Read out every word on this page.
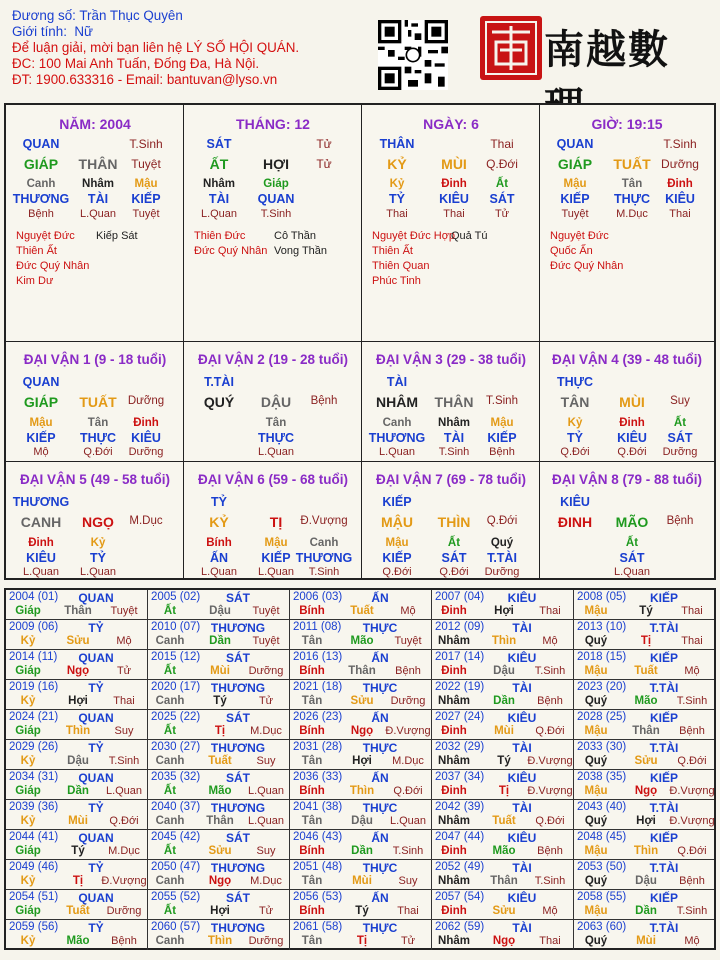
Đương số: Trần Thục Quyên
Giới tính: Nữ
Để luận giải, mời bạn liên hệ LÝ SỐ HỘI QUÁN.
ĐC: 100 Mai Anh Tuấn, Đống Đa, Hà Nội.
ĐT: 1900.633316 - Email: bantuvan@lyso.vn
南越數
NĂM: 2004
QUAN	T.Sinh
GIÁP THÂN Tuyệt
Canh Nhâm Mậu
THƯƠNG TÀI KIẾP
Bệnh L.Quan Tuyệt
Nguyệt Đức Kiếp Sát
Thiên Ất
Đức Quý Nhân
Kim Dư
THÁNG: 12
SÁT	Tử
ẤT HỢI Tử
Nhâm Giáp
TÀI QUAN
L.Quan T.Sinh
Thiên Đức	Cô Thần
Đức Quý Nhân Vong Thần
NGÀY: 6
THÂN	Thai
KỶ MÙI Q.Đới
Kỷ	Đinh	Ất
TỶ	KIÊU SÁT
Thai	Thai	Tử
Nguyệt Đức Hợp
Quả Tú
Thiên Ất
Thiên Quan
Phúc Tinh
GIỜ: 19:15
QUAN	T.Sinh
GIÁP TUẤT Dưỡng
Mậu	Tân Đinh
KIẾP THỰC KIÊU
Tuyệt	M.Dục Thai
Nguyệt Đức
Quốc Ấn
Đức Quý Nhân
ĐẠI VẬN 1 (9 - 18 tuổi)
QUAN
GIÁP TUẤT Dưỡng
Mậu	Tân Đinh
KIẾP THỰC KIÊU
Mộ	Q.Đới Dưỡng
ĐẠI VẬN 2 (19 - 28 tuổi)
T.TÀI
QUÝ DẬU Bệnh
Tân
THỰC
L.Quan
ĐẠI VẬN 3 (29 - 38 tuổi)
TÀI
NHÂM THÂN T.Sinh
Canh Nhâm Mậu
THƯƠNG TÀI KIẾP
L.Quan T.Sinh Bệnh
ĐẠI VẬN 4 (39 - 48 tuổi)
THỰC
TÂN MÙI Suy
Kỷ	Đinh	Ất
TỶ	KIÊU SÁT
Q.Đới	Q.Đới Dưỡng
ĐẠI VẬN 5 (49 - 58 tuổi)
THƯƠNG
CANH NGỌ M.Dục
Đinh	Kỷ
KIÊU	TỶ
L.Quan L.Quan
ĐẠI VẬN 6 (59 - 68 tuổi)
TỶ
KỶ	TỊ Đ.Vượng
Bính	Mậu Canh
ẤN	KIẾP THƯƠNG
L.Quan L.Quan T.Sinh
ĐẠI VẬN 7 (69 - 78 tuổi)
KIẾP
MẬU THÌN Q.Đới
Mậu	Ất	Quý
KIẾP SÁT T.TÀI
Q.Đới	Q.Đới Dưỡng
ĐẠI VẬN 8 (79 - 88 tuổi)
KIÊU
ĐINH MÃO Bệnh
Ất
SÁT
L.Quan
2004 (01) QUAN
Giáp Thân Tuyệt
2005 (02) SÁT
Ất	Dậu Tuyệt
2006 (03) ẤN
Bính Tuất Mộ
2007 (04) KIÊU
Đinh Hợi Thai
2008 (05) KIẾP
Mậu	Tý	Thai
2009 (06)	TỶ
Kỷ	Sửu Mộ
2010 (07) THƯƠNG
Canh Dần Tuyệt
2011 (08) THỰC
Tân Mão Tuyệt
2012 (09) TÀI
Nhâm Thìn Mộ
2013 (10) T.TÀI
Quý	Tị	Thai
2014 (11) QUAN
Giáp Ngọ	Tử
2015 (12) SÁT
Ất	Mùi Dưỡng
2016 (13) ẤN
Bính Thân Bệnh
2017 (14) KIÊU
Đinh Dậu T.Sinh
2018 (15) KIẾP
Mậu Tuất Mộ
2019 (16)	TỶ
Kỷ	Hợi Thai
2020 (17) THƯƠNG
Canh	Tý	Tử
2021 (18) THỰC
Tân Sửu Dưỡng
2022 (19) TÀI
Nhâm Dần Bệnh
2023 (20) T.TÀI
Quý Mão T.Sinh
2024 (21) QUAN
Giáp Thìn Suy
2025 (22) SÁT
Ất	Tị M.Dục
2026 (23) ẤN
Bính Ngọ Đ.Vượng
2027 (24) KIÊU
Đinh Mùi Q.Đới
2028 (25) KIẾP
Mậu Thân Bệnh
2029 (26)	TỶ
Kỷ	Dậu T.Sinh
2030 (27) THƯƠNG
Canh Tuất Suy
2031 (28) THỰC
Tân	Hợi M.Dục
2032 (29) TÀI
Nhâm Tý Đ.Vượng
2033 (30) T.TÀI
Quý Sửu Q.Đới
2034 (31) QUAN
Giáp Dần L.Quan
2035 (32) SÁT
Ất	Mão L.Quan
2036 (33) ẤN
Bính Thìn Q.Đới
2037 (34) KIÊU
Đinh	Tị Đ.Vượng
2038 (35) KIẾP
Mậu Ngọ Đ.Vượng
2039 (36)	TỶ
Kỷ	Mùi Q.Đới
2040 (37) THƯƠNG
Canh Thân L.Quan
2041 (38) THỰC
Tân	Dậu L.Quan
2042 (39) TÀI
Nhâm Tuất Q.Đới
2043 (40) T.TÀI
Quý	Hợi Đ.Vượng
2044 (41) QUAN
Giáp	Tý M.Dục
2045 (42) SÁT
Ất	Sửu Suy
2046 (43) ẤN
Bính Dần T.Sinh
2047 (44) KIÊU
Đinh Mão Bệnh
2048 (45) KIẾP
Mậu Thìn Q.Đới
2049 (46)	TỶ
Kỷ	Tị Đ.Vượng
2050 (47) THƯƠNG
Canh Ngọ M.Dục
2051 (48) THỰC
Tân	Mùi Suy
2052 (49) TÀI
Nhâm Thân T.Sinh
2053 (50) T.TÀI
Quý Dậu Bệnh
2054 (51) QUAN
Giáp Tuất Dưỡng
2055 (52) SÁT
Ất	Hợi	Tử
2056 (53) ẤN
Bính	Tý	Thai
2057 (54) KIÊU
Đinh Sửu Mộ
2058 (55) KIẾP
Mậu Dần T.Sinh
2059 (56)	TỶ
Kỷ	Mão Bệnh
2060 (57) THƯƠNG
Canh Thìn Dưỡng
2061 (58) THỰC
Tân	Tị	Tử
2062 (59) TÀI
Nhâm Ngọ Thai
2063 (60) T.TÀI
Quý	Mùi	Mộ
